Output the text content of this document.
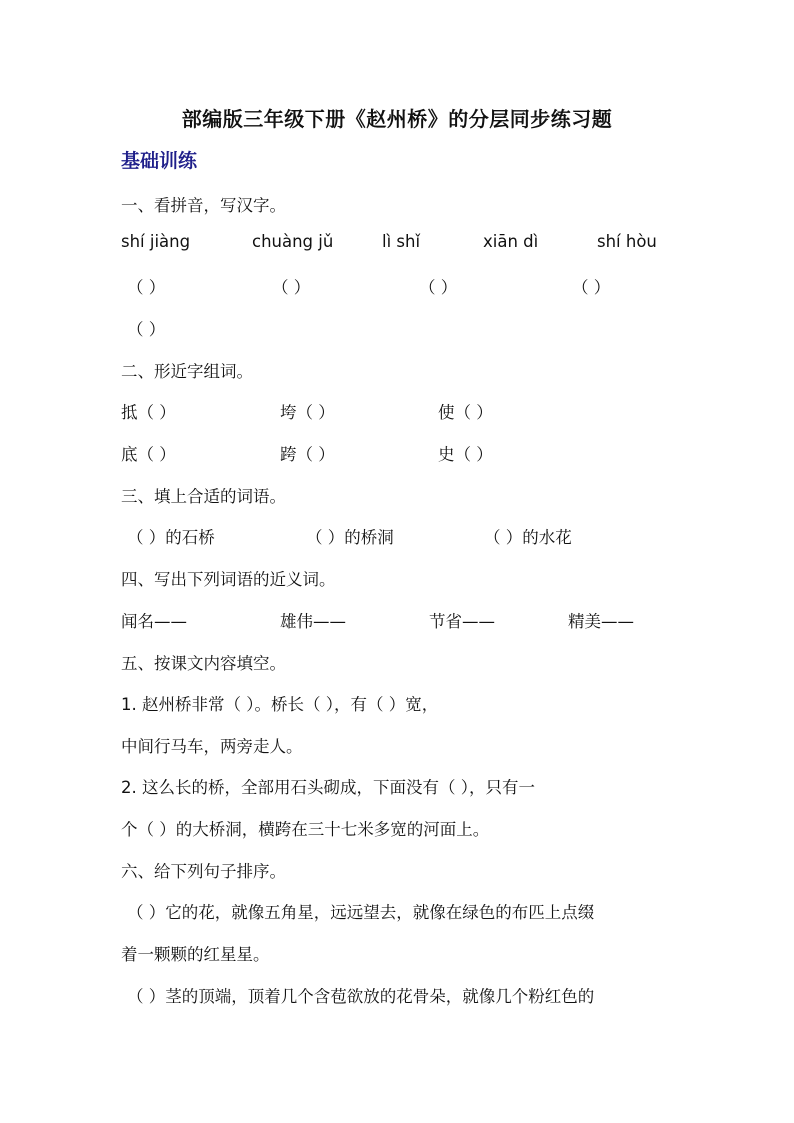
部编版三年级下册《赵州桥》的分层同步练习题
基础训练
一、看拼音，写汉字。
shí jiàng	chuàng jǔ	lì shǐ	xiān dì	shí hòu
（ ）	（ ）	（ ）	（ ）
（ ）
二、形近字组词。
抵（ ）	垮（ ）	使（ ）
底（ ）	跨（ ）	史（ ）
三、填上合适的词语。
（ ）的石桥	（ ）的桥洞	（ ）的水花
四、写出下列词语的近义词。
闻名——	雄伟——	节省——	精美——
五、按课文内容填空。
1. 赵州桥非常（ ）。桥长（ ），有（ ）宽，
中间行马车，两旁走人。
2. 这么长的桥，全部用石头砌成，下面没有（ ），只有一
个（ ）的大桥洞，横跨在三十七米多宽的河面上。
六、给下列句子排序。
（ ）它的花，就像五角星，远远望去，就像在绿色的布匹上点缀
着一颗颗的红星星。
（ ）茎的顶端，顶着几个含苞欲放的花骨朵，就像几个粉红色的
